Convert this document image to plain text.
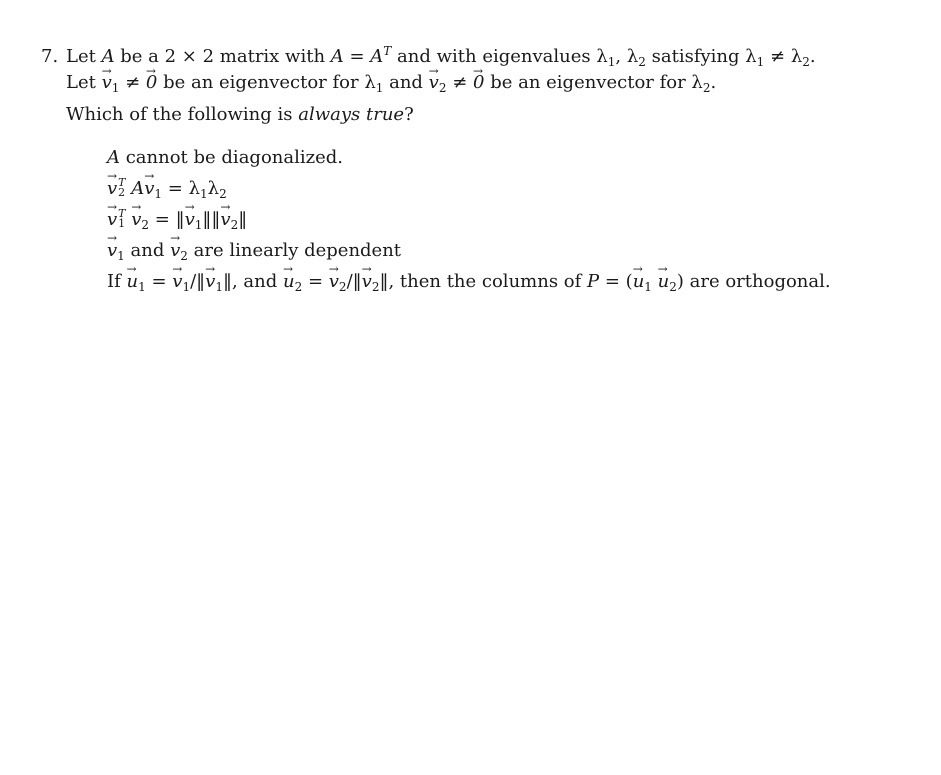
7. Let A be a 2 × 2 matrix with $A = A^T$ and with eigenvalues $\lambda_1$, $\lambda_2$ satisfying $\lambda_1 \ne \lambda_2$.
Let → $v_1$ ≠ → 0 be an eigenvector for $\lambda_1$ and → $v_2$ ≠ → 0 be an eigenvector for $\lambda_2$.
Which of the following is always true?
A cannot be diagonalized.
→ v T
2 $A\to v_1 = \lambda_1\lambda_2$
→ v T
1
→ $v_2$ = ‖→ $v_1‖‖\to$ $v_2‖$
→ $v_1$ and → $v_2$ are linearly dependent
$If \to u_1$ = → $v_1/‖\to$ $v_1‖$, and → $u_2$ = → $v_2/‖\to$ $v_2‖$, then the columns of P = (→ $u_1 \to u_2$) are orthogonal.
